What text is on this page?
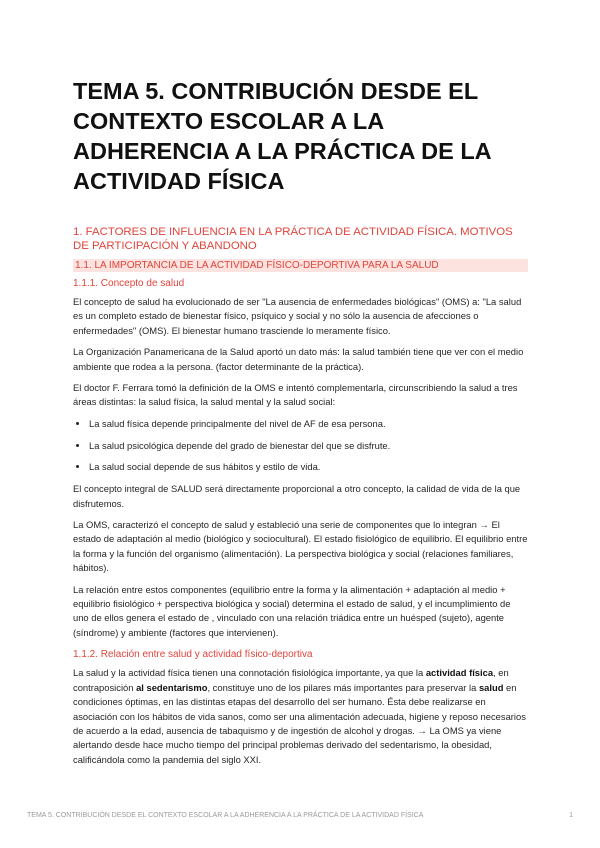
TEMA 5. CONTRIBUCIÓN DESDE EL CONTEXTO ESCOLAR A LA ADHERENCIA A LA PRÁCTICA DE LA ACTIVIDAD FÍSICA
1. FACTORES DE INFLUENCIA EN LA PRÁCTICA DE ACTIVIDAD FÍSICA. MOTIVOS DE PARTICIPACIÓN Y ABANDONO
1.1. LA IMPORTANCIA DE LA ACTIVIDAD FÍSICO-DEPORTIVA PARA LA SALUD
1.1.1. Concepto de salud

El concepto de salud ha evolucionado de ser "La ausencia de enfermedades biológicas" (OMS) a: "La salud es un completo estado de bienestar físico, psíquico y social y no sólo la ausencia de afecciones o enfermedades" (OMS). El bienestar humano trasciende lo meramente físico.

La Organización Panamericana de la Salud aportó un dato más: la salud también tiene que ver con el medio ambiente que rodea a la persona. (factor determinante de la práctica).

El doctor F. Ferrara tomó la definición de la OMS e intentó complementarla, circunscribiendo la salud a tres áreas distintas: la salud física, la salud mental y la salud social:

• La salud física depende principalmente del nivel de AF de esa persona.
• La salud psicológica depende del grado de bienestar del que se disfrute.
• La salud social depende de sus hábitos y estilo de vida.

El concepto integral de SALUD será directamente proporcional a otro concepto, la calidad de vida de la que disfrutemos.

La OMS, caracterizó el concepto de salud y estableció una serie de componentes que lo integran → El estado de adaptación al medio (biológico y sociocultural). El estado fisiológico de equilibrio. El equilibrio entre la forma y la función del organismo (alimentación). La perspectiva biológica y social (relaciones familiares, hábitos).

La relación entre estos componentes (equilibrio entre la forma y la alimentación + adaptación al medio + equilibrio fisiológico + perspectiva biológica y social) determina el estado de salud, y el incumplimiento de uno de ellos genera el estado de , vinculado con una relación triádica entre un huésped (sujeto), agente (síndrome) y ambiente (factores que intervienen).

1.1.2. Relación entre salud y actividad físico-deportiva

La salud y la actividad física tienen una connotación fisiológica importante, ya que la actividad física, en contraposición al sedentarismo, constituye uno de los pilares más importantes para preservar la salud en condiciones óptimas, en las distintas etapas del desarrollo del ser humano. Ésta debe realizarse en asociación con los hábitos de vida sanos, como ser una alimentación adecuada, higiene y reposo necesarios de acuerdo a la edad, ausencia de tabaquismo y de ingestión de alcohol y drogas. → La OMS ya viene alertando desde hace mucho tiempo del principal problemas derivado del sedentarismo, la obesidad, calificándola como la pandemia del siglo XXI.

TEMA 5. CONTRIBUCIÓN DESDE EL CONTEXTO ESCOLAR A LA ADHERENCIA A LA PRÁCTICA DE LA ACTIVIDAD FÍSICA	1
